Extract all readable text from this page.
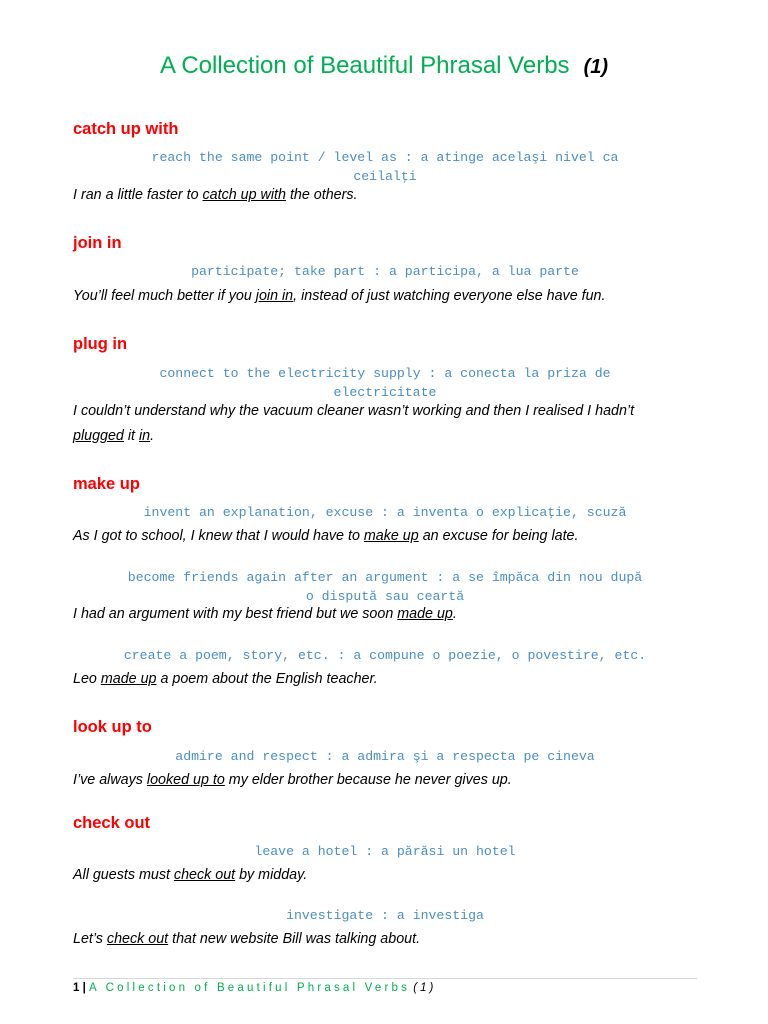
A Collection of Beautiful Phrasal Verbs (1)
catch up with
reach the same point / level as : a atinge acelaşi nivel ca
ceilalţi
I ran a little faster to catch up with the others.
join in
participate; take part : a participa, a lua parte
You’ll feel much better if you join in, instead of just watching everyone else have fun.
plug in
connect to the electricity supply : a conecta la priza de
electricitate
I couldn’t understand why the vacuum cleaner wasn’t working and then I realised I hadn’t
plugged it in.
make up
invent an explanation, excuse : a inventa o explicaţie, scuză
As I got to school, I knew that I would have to make up an excuse for being late.
become friends again after an argument : a se împăca din nou după
o dispută sau ceartă
I had an argument with my best friend but we soon made up.
create a poem, story, etc. : a compune o poezie, o povestire, etc.
Leo made up a poem about the English teacher.
look up to
admire and respect : a admira şi a respecta pe cineva
I’ve always looked up to my elder brother because he never gives up.
check out
leave a hotel : a părăsi un hotel
All guests must check out by midday.
investigate : a investiga
Let’s check out that new website Bill was talking about.
1 | A Collection of Beautiful Phrasal Verbs (1)
